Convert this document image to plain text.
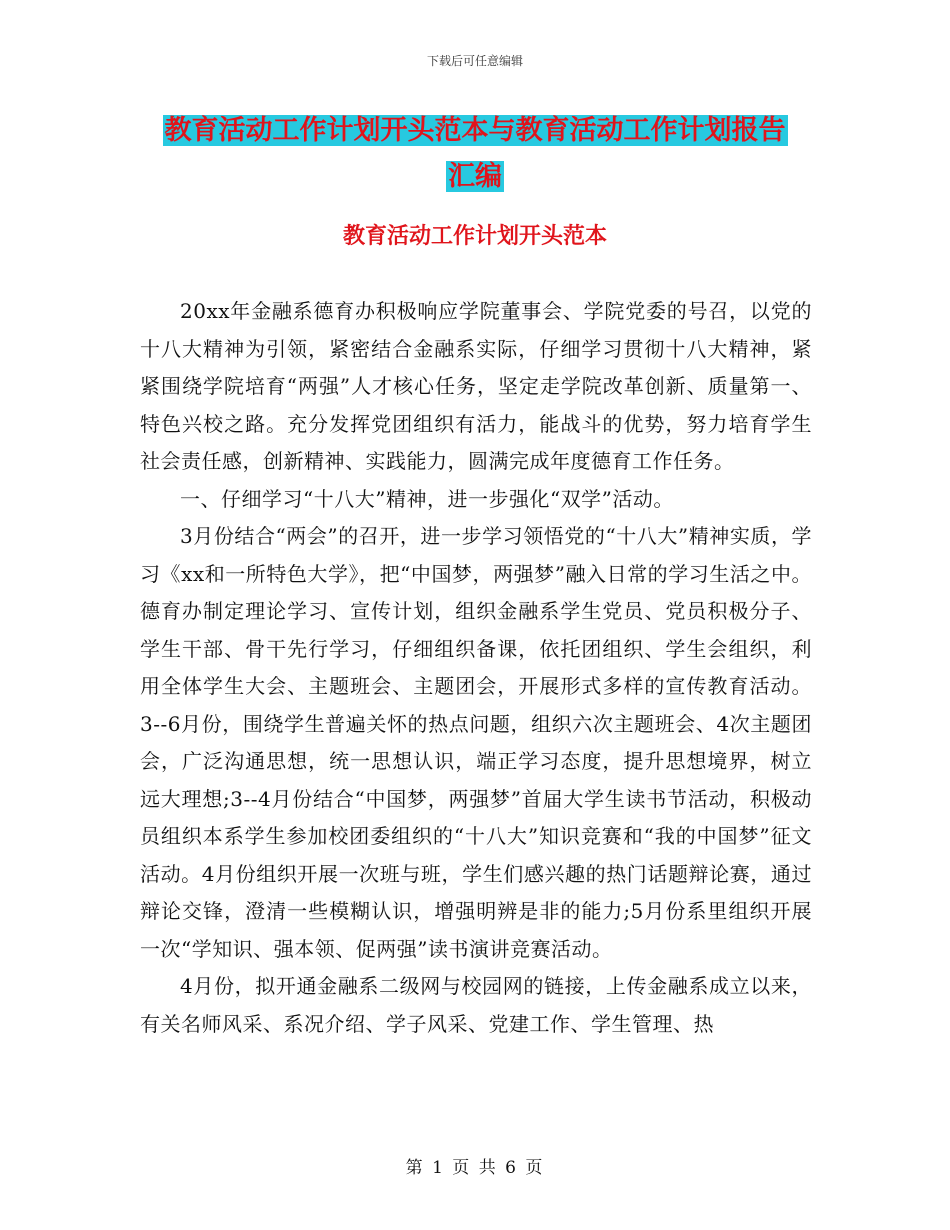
下载后可任意编辑
教育活动工作计划开头范本与教育活动工作计划报告
汇编
教育活动工作计划开头范本

20xx年金融系德育办积极响应学院董事会、学院党委的号召，以党的十八大精神为引领，紧密结合金融系实际，仔细学习贯彻十八大精神，紧紧围绕学院培育“两强”人才核心任务，坚定走学院改革创新、质量第一、特色兴校之路。充分发挥党团组织有活力，能战斗的优势，努力培育学生社会责任感，创新精神、实践能力，圆满完成年度德育工作任务。

一、仔细学习“十八大”精神，进一步强化“双学”活动。

3月份结合“两会”的召开，进一步学习领悟党的“十八大”精神实质，学习《xx和一所特色大学》，把“中国梦，两强梦”融入日常的学习生活之中。德育办制定理论学习、宣传计划，组织金融系学生党员、党员积极分子、学生干部、骨干先行学习，仔细组织备课，依托团组织、学生会组织，利用全体学生大会、主题班会、主题团会，开展形式多样的宣传教育活动。3--6月份，围绕学生普遍关怀的热点问题，组织六次主题班会、4次主题团会，广泛沟通思想，统一思想认识，端正学习态度，提升思想境界，树立远大理想;3--4月份结合“中国梦，两强梦”首届大学生读书节活动，积极动员组织本系学生参加校团委组织的“十八大”知识竞赛和“我的中国梦”征文活动。4月份组织开展一次班与班，学生们感兴趣的热门话题辩论赛，通过辩论交锋，澄清一些模糊认识，增强明辨是非的能力;5月份系里组织开展一次“学知识、强本领、促两强”读书演讲竞赛活动。

4月份，拟开通金融系二级网与校园网的链接，上传金融系成立以来，有关名师风采、系况介绍、学子风采、党建工作、学生管理、热

第 1 页 共 6 页
